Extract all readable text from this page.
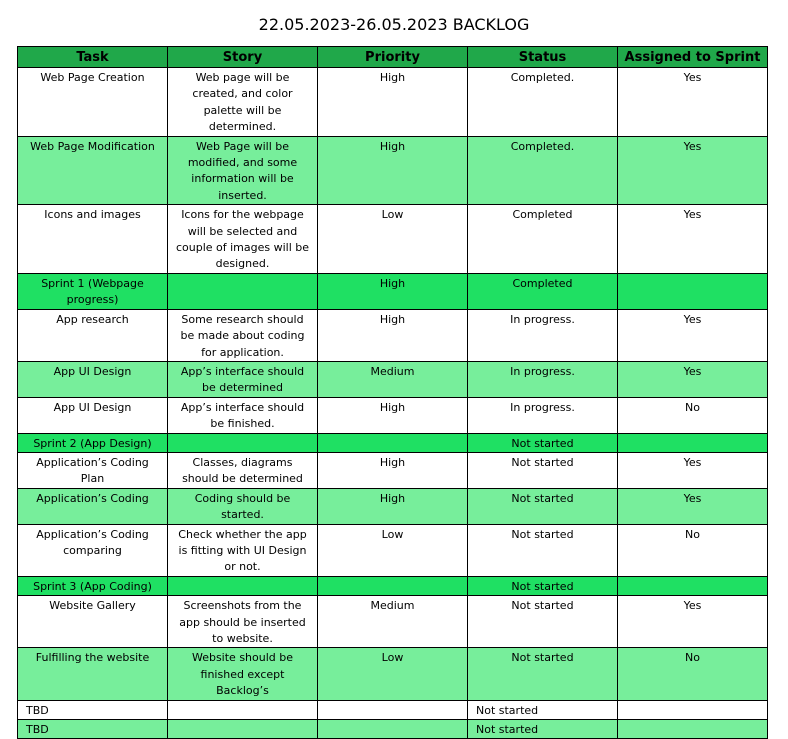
22.05.2023-26.05.2023 BACKLOG
Task	Story	Priority	Status	Assigned to Sprint
Web Page Creation	Web page will be created, and color palette will be determined.	High	Completed.	Yes
Web Page Modification	Web Page will be modified, and some information will be inserted.	High	Completed.	Yes
Icons and images	Icons for the webpage will be selected and couple of images will be designed.	Low	Completed	Yes
Sprint 1 (Webpage progress)		High	Completed	
App research	Some research should be made about coding for application.	High	In progress.	Yes
App UI Design	App’s interface should be determined	Medium	In progress.	Yes
App UI Design	App’s interface should be finished.	High	In progress.	No
Sprint 2 (App Design)			Not started	
Application’s Coding Plan	Classes, diagrams should be determined	High	Not started	Yes
Application’s Coding	Coding should be started.	High	Not started	Yes
Application’s Coding comparing	Check whether the app is fitting with UI Design or not.	Low	Not started	No
Sprint 3 (App Coding)			Not started	
Website Gallery	Screenshots from the app should be inserted to website.	Medium	Not started	Yes
Fulfilling the website	Website should be finished except Backlog’s	Low	Not started	No
TBD			Not started	
TBD			Not started	
